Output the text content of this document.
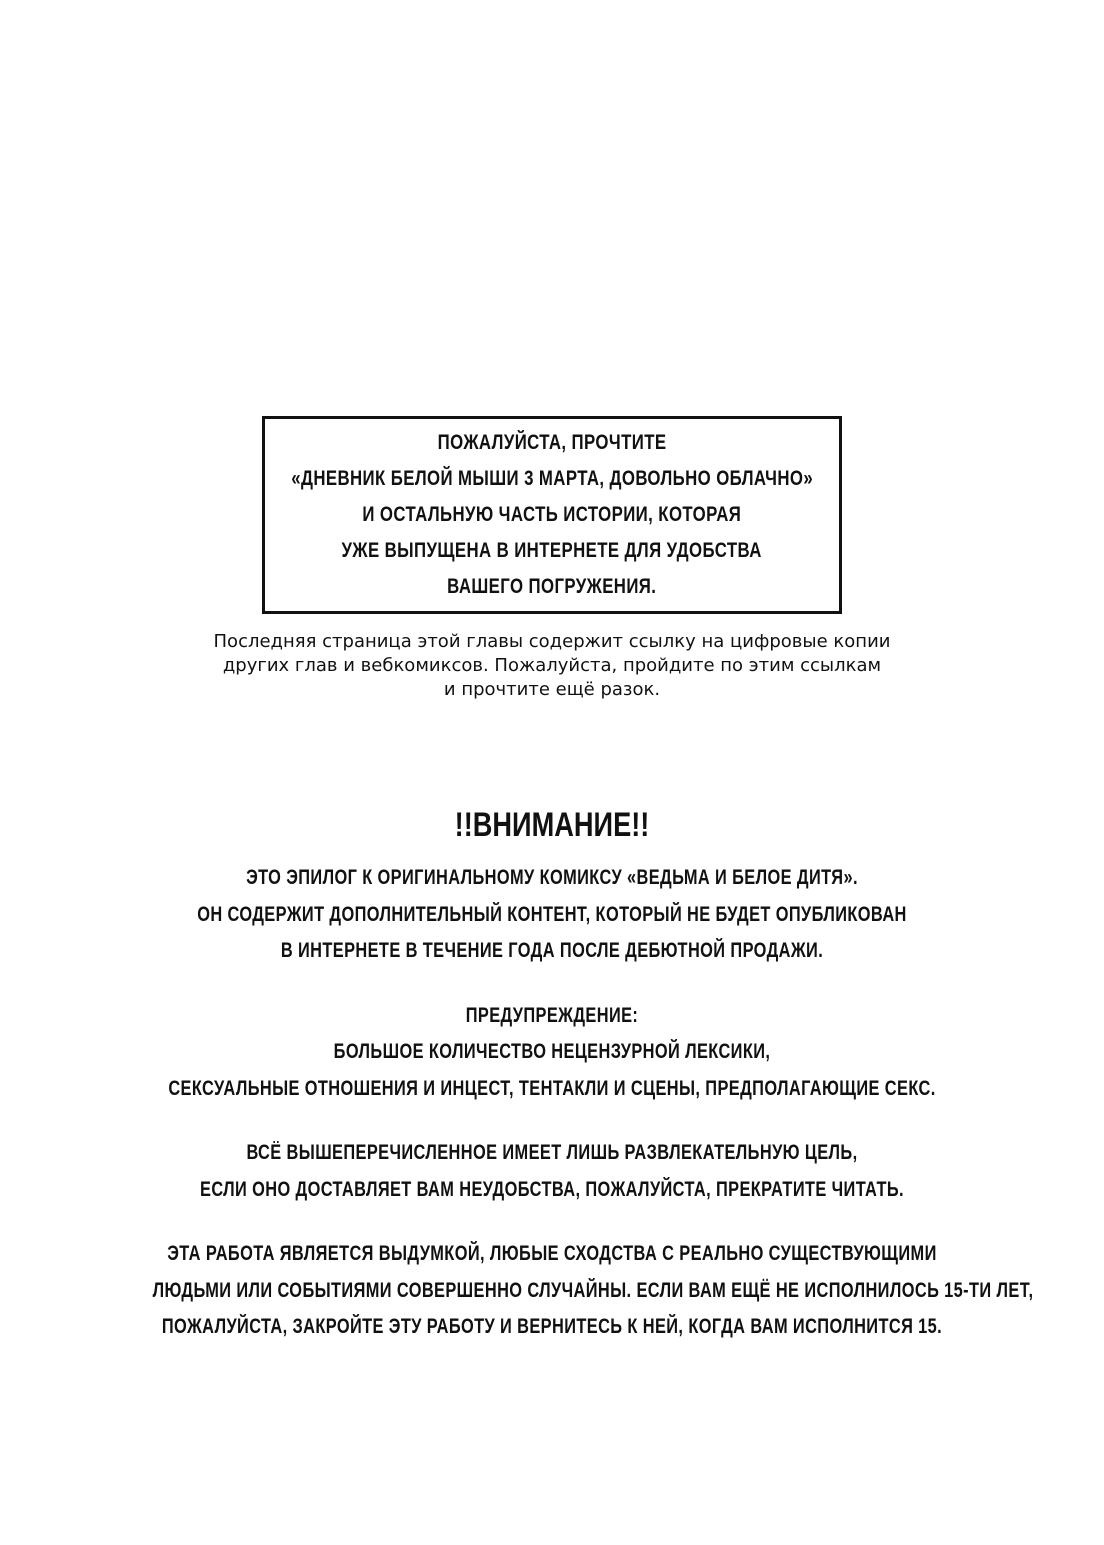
ПОЖАЛУЙСТА, ПРОЧТИТЕ
«ДНЕВНИК БЕЛОЙ МЫШИ 3 МАРТА, ДОВОЛЬНО ОБЛАЧНО»
И ОСТАЛЬНУЮ ЧАСТЬ ИСТОРИИ, КОТОРАЯ
УЖЕ ВЫПУЩЕНА В ИНТЕРНЕТЕ ДЛЯ УДОБСТВА
ВАШЕГО ПОГРУЖЕНИЯ.
Последняя страница этой главы содержит ссылку на цифровые копии
других глав и вебкомиксов. Пожалуйста, пройдите по этим ссылкам
и прочтите ещё разок.
!!ВНИМАНИЕ!!
ЭТО ЭПИЛОГ К ОРИГИНАЛЬНОМУ КОМИКСУ «ВЕДЬМА И БЕЛОЕ ДИТЯ».
ОН СОДЕРЖИТ ДОПОЛНИТЕЛЬНЫЙ КОНТЕНТ, КОТОРЫЙ НЕ БУДЕТ ОПУБЛИКОВАН
В ИНТЕРНЕТЕ В ТЕЧЕНИЕ ГОДА ПОСЛЕ ДЕБЮТНОЙ ПРОДАЖИ.
ПРЕДУПРЕЖДЕНИЕ:
БОЛЬШОЕ КОЛИЧЕСТВО НЕЦЕНЗУРНОЙ ЛЕКСИКИ,
СЕКСУАЛЬНЫЕ ОТНОШЕНИЯ И ИНЦЕСТ, ТЕНТАКЛИ И СЦЕНЫ, ПРЕДПОЛАГАЮЩИЕ СЕКС.
ВСЁ ВЫШЕПЕРЕЧИСЛЕННОЕ ИМЕЕТ ЛИШЬ РАЗВЛЕКАТЕЛЬНУЮ ЦЕЛЬ,
ЕСЛИ ОНО ДОСТАВЛЯЕТ ВАМ НЕУДОБСТВА, ПОЖАЛУЙСТА, ПРЕКРАТИТЕ ЧИТАТЬ.
ЭТА РАБОТА ЯВЛЯЕТСЯ ВЫДУМКОЙ, ЛЮБЫЕ СХОДСТВА С РЕАЛЬНО СУЩЕСТВУЮЩИМИ
ЛЮДЬМИ ИЛИ СОБЫТИЯМИ СОВЕРШЕННО СЛУЧАЙНЫ. ЕСЛИ ВАМ ЕЩЁ НЕ ИСПОЛНИЛОСЬ 15-ТИ ЛЕТ,
ПОЖАЛУЙСТА, ЗАКРОЙТЕ ЭТУ РАБОТУ И ВЕРНИТЕСЬ К НЕЙ, КОГДА ВАМ ИСПОЛНИТСЯ 15.
